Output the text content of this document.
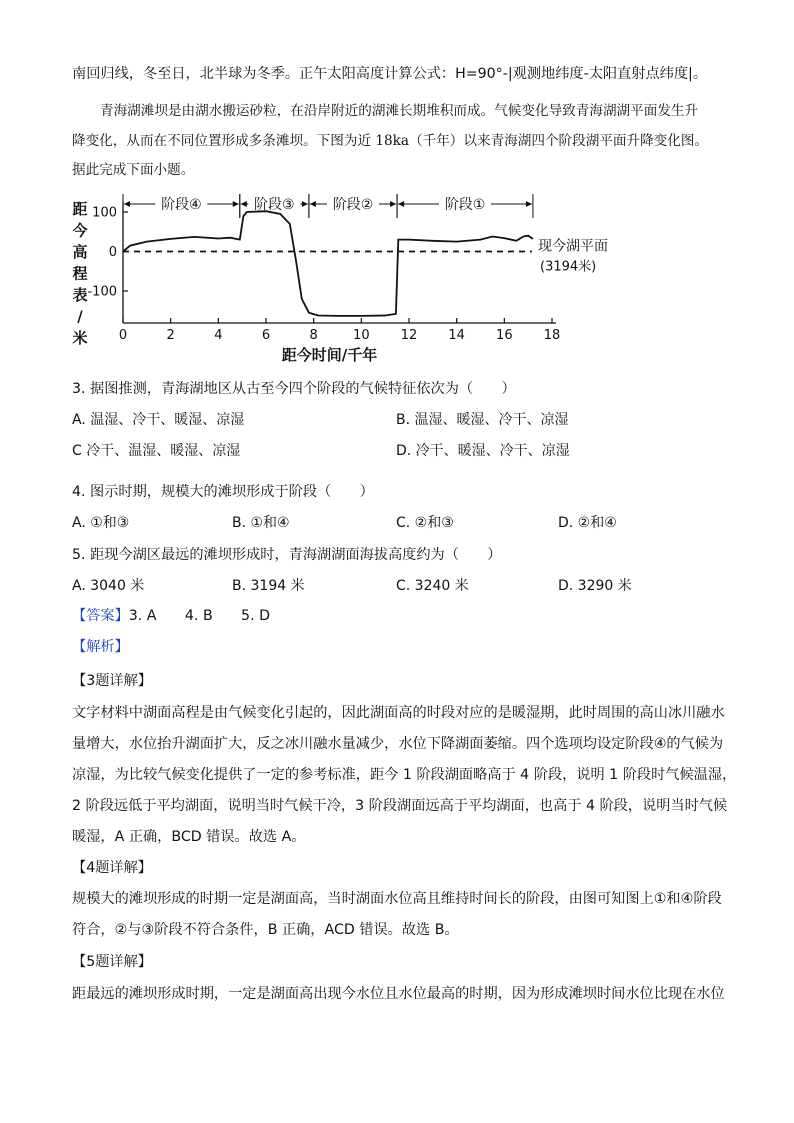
南回归线，冬至日，北半球为冬季。正午太阳高度计算公式：H=90°-|观测地纬度-太阳直射点纬度|。
青海湖滩坝是由湖水搬运砂粒，在沿岸附近的湖滩长期堆积而成。气候变化导致青海湖湖平面发生升
降变化，从而在不同位置形成多条滩坝。下图为近 18ka（千年）以来青海湖四个阶段湖平面升降变化图。
据此完成下面小题。
距
今
高
程
表
/
米 0	2	4	6	8	10 12 14 16 18
100
0
-100
阶段④	阶段③	阶段②	阶段①
现今湖平面
(3194米)
距今时间/千年
3. 据图推测，青海湖地区从古至今四个阶段的气候特征依次为（　　）
A. 温湿、冷干、暖湿、凉湿	B. 温湿、暖湿、冷干、凉湿
C 冷干、温湿、暖湿、凉湿	D. 冷干、暖湿、冷干、凉湿
4. 图示时期，规模大的滩坝形成于阶段（　　）
A. ①和③	B. ①和④	C. ②和③	D. ②和④
5. 距现今湖区最远的滩坝形成时，青海湖湖面海拔高度约为（　　）
A. 3040 米	B. 3194 米	C. 3240 米	D. 3290 米
【答案】3. A　　4. B　　5. D
【解析】
【3题详解】
文字材料中湖面高程是由气候变化引起的，因此湖面高的时段对应的是暖湿期，此时周围的高山冰川融水
量增大，水位抬升湖面扩大，反之冰川融水量减少，水位下降湖面萎缩。四个选项均设定阶段④的气候为
凉湿，为比较气候变化提供了一定的参考标准，距今 1 阶段湖面略高于 4 阶段，说明 1 阶段时气候温湿，
2 阶段远低于平均湖面，说明当时气候干冷，3 阶段湖面远高于平均湖面，也高于 4 阶段，说明当时气候
暖湿，A 正确，BCD 错误。故选 A。
【4题详解】
规模大的滩坝形成的时期一定是湖面高，当时湖面水位高且维持时间长的阶段，由图可知图上①和④阶段
符合，②与③阶段不符合条件，B 正确，ACD 错误。故选 B。
【5题详解】
距最远的滩坝形成时期，一定是湖面高出现今水位且水位最高的时期，因为形成滩坝时间水位比现在水位
